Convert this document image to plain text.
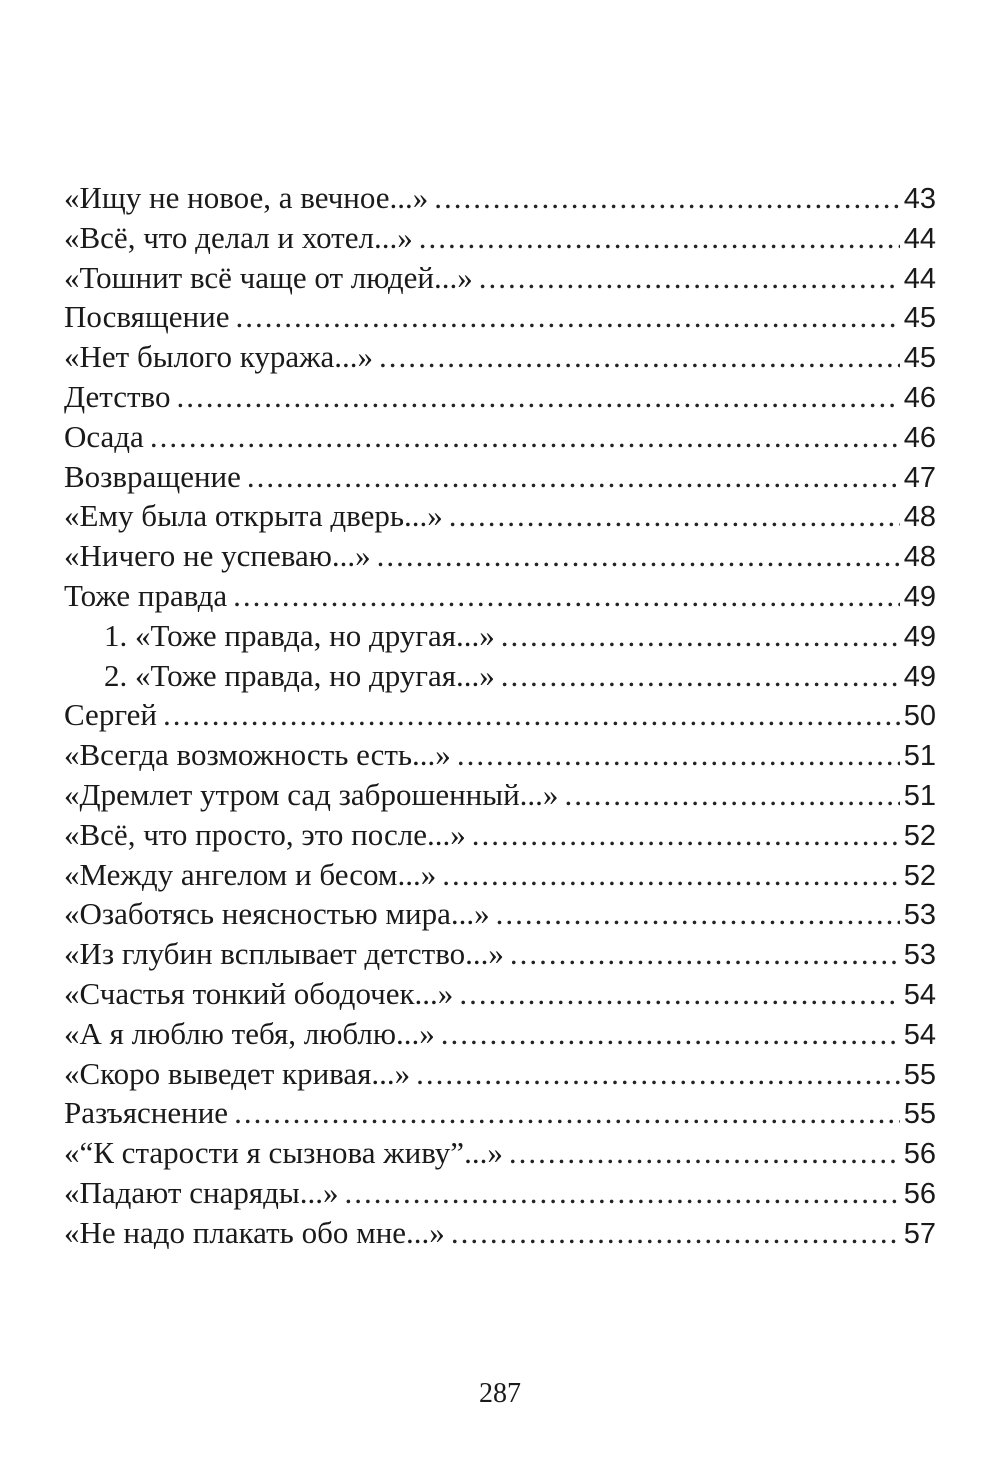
«Ищу не новое, а вечное...» .....	43
«Всё, что делал и хотел...» .....	44
«Тошнит всё чаще от людей...» .....	44
Посвящение .....	45
«Нет былого куража...» .....	45
Детство .....	46
Осада .....	46
Возвращение .....	47
«Ему была открыта дверь...» .....	48
«Ничего не успеваю...» .....	48
Тоже правда .....	49
1. «Тоже правда, но другая...» .....	49
2. «Тоже правда, но другая...» .....	49
Сергей .....	50
«Всегда возможность есть...» .....	51
«Дремлет утром сад заброшенный...» .....	51
«Всё, что просто, это после...» .....	52
«Между ангелом и бесом...» .....	52
«Озаботясь неясностью мира...» .....	53
«Из глубин всплывает детство...» .....	53
«Счастья тонкий ободочек...» .....	54
«А я люблю тебя, люблю...» .....	54
«Скоро выведет кривая...» .....	55
Разъяснение .....	55
«“К старости я сызнова живу”...» .....	56
«Падают снаряды...» .....	56
«Не надо плакать обо мне...» .....	57
287
